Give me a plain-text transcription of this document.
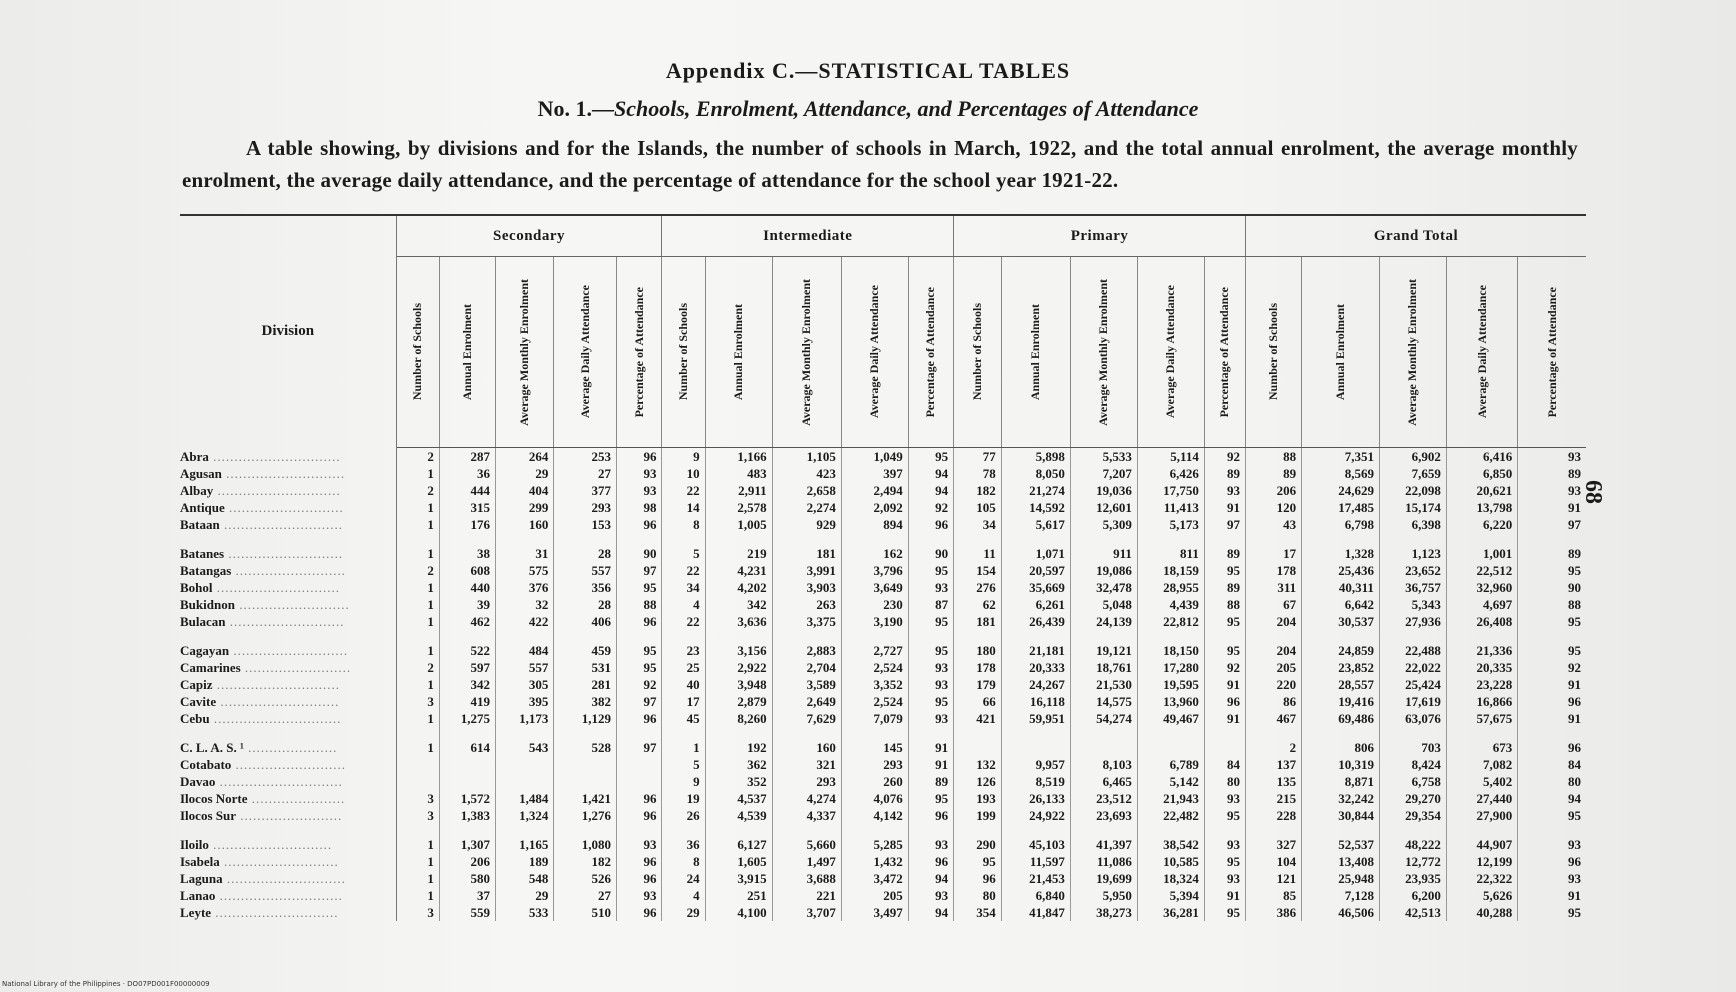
Appendix C.—STATISTICAL TABLES
No. 1.—Schools, Enrolment, Attendance, and Percentages of Attendance
A table showing, by divisions and for the Islands, the number of schools in March, 1922, and the total annual enrolment, the average monthly enrolment, the average daily attendance, and the percentage of attendance for the school year 1921-22.
Division	Secondary					Intermediate					Primary					Grand Total				

	Number of Schools	Annual Enrolment	Average Monthly Enrolment	Average Daily Attendance	Percentage of Attendance	Number of Schools	Annual Enrolment	Average Monthly Enrolment	Average Daily Attendance	Percentage of Attendance	Number of Schools	Annual Enrolment	Average Monthly Enrolment	Average Daily Attendance	Percentage of Attendance	Number of Schools	Annual Enrolment	Average Monthly Enrolment	Average Daily Attendance	Percentage of Attendance

Abra ..............................	2	287	264	253	96	9	1,166	1,105	1,049	95	77	5,898	5,533	5,114	92	88	7,351	6,902	6,416	93
Agusan ............................	1	36	29	27	93	10	483	423	397	94	78	8,050	7,207	6,426	89	89	8,569	7,659	6,850	89
Albay .............................	2	444	404	377	93	22	2,911	2,658	2,494	94	182	21,274	19,036	17,750	93	206	24,629	22,098	20,621	93
Antique ...........................	1	315	299	293	98	14	2,578	2,274	2,092	92	105	14,592	12,601	11,413	91	120	17,485	15,174	13,798	91
Bataan ............................	1	176	160	153	96	8	1,005	929	894	96	34	5,617	5,309	5,173	97	43	6,798	6,398	6,220	97

Batanes ...........................	1	38	31	28	90	5	219	181	162	90	11	1,071	911	811	89	17	1,328	1,123	1,001	89
Batangas ..........................	2	608	575	557	97	22	4,231	3,991	3,796	95	154	20,597	19,086	18,159	95	178	25,436	23,652	22,512	95
Bohol .............................	1	440	376	356	95	34	4,202	3,903	3,649	93	276	35,669	32,478	28,955	89	311	40,311	36,757	32,960	90
Bukidnon ..........................	1	39	32	28	88	4	342	263	230	87	62	6,261	5,048	4,439	88	67	6,642	5,343	4,697	88
Bulacan ...........................	1	462	422	406	96	22	3,636	3,375	3,190	95	181	26,439	24,139	22,812	95	204	30,537	27,936	26,408	95

Cagayan ...........................	1	522	484	459	95	23	3,156	2,883	2,727	95	180	21,181	19,121	18,150	95	204	24,859	22,488	21,336	95
Camarines .........................	2	597	557	531	95	25	2,922	2,704	2,524	93	178	20,333	18,761	17,280	92	205	23,852	22,022	20,335	92
Capiz .............................	1	342	305	281	92	40	3,948	3,589	3,352	93	179	24,267	21,530	19,595	91	220	28,557	25,424	23,228	91
Cavite ............................	3	419	395	382	97	17	2,879	2,649	2,524	95	66	16,118	14,575	13,960	96	86	19,416	17,619	16,866	96
Cebu ..............................	1	1,275	1,173	1,129	96	45	8,260	7,629	7,079	93	421	59,951	54,274	49,467	91	467	69,486	63,076	57,675	91

C. L. A. S. ¹ .....................	1	614	543	528	97	1	192	160	145	91						2	806	703	673	96
Cotabato ..........................						5	362	321	293	91	132	9,957	8,103	6,789	84	137	10,319	8,424	7,082	84
Davao .............................						9	352	293	260	89	126	8,519	6,465	5,142	80	135	8,871	6,758	5,402	80
Ilocos Norte ......................	3	1,572	1,484	1,421	96	19	4,537	4,274	4,076	95	193	26,133	23,512	21,943	93	215	32,242	29,270	27,440	94
Ilocos Sur ........................	3	1,383	1,324	1,276	96	26	4,539	4,337	4,142	96	199	24,922	23,693	22,482	95	228	30,844	29,354	27,900	95

Iloilo ............................	1	1,307	1,165	1,080	93	36	6,127	5,660	5,285	93	290	45,103	41,397	38,542	93	327	52,537	48,222	44,907	93
Isabela ...........................	1	206	189	182	96	8	1,605	1,497	1,432	96	95	11,597	11,086	10,585	95	104	13,408	12,772	12,199	96
Laguna ............................	1	580	548	526	96	24	3,915	3,688	3,472	94	96	21,453	19,699	18,324	93	121	25,948	23,935	22,322	93
Lanao .............................	1	37	29	27	93	4	251	221	205	93	80	6,840	5,950	5,394	91	85	7,128	6,200	5,626	91
Leyte .............................	3	559	533	510	96	29	4,100	3,707	3,497	94	354	41,847	38,273	36,281	95	386	46,506	42,513	40,288	95
68
National Library of the Philippines · DO07PD001F00000009
